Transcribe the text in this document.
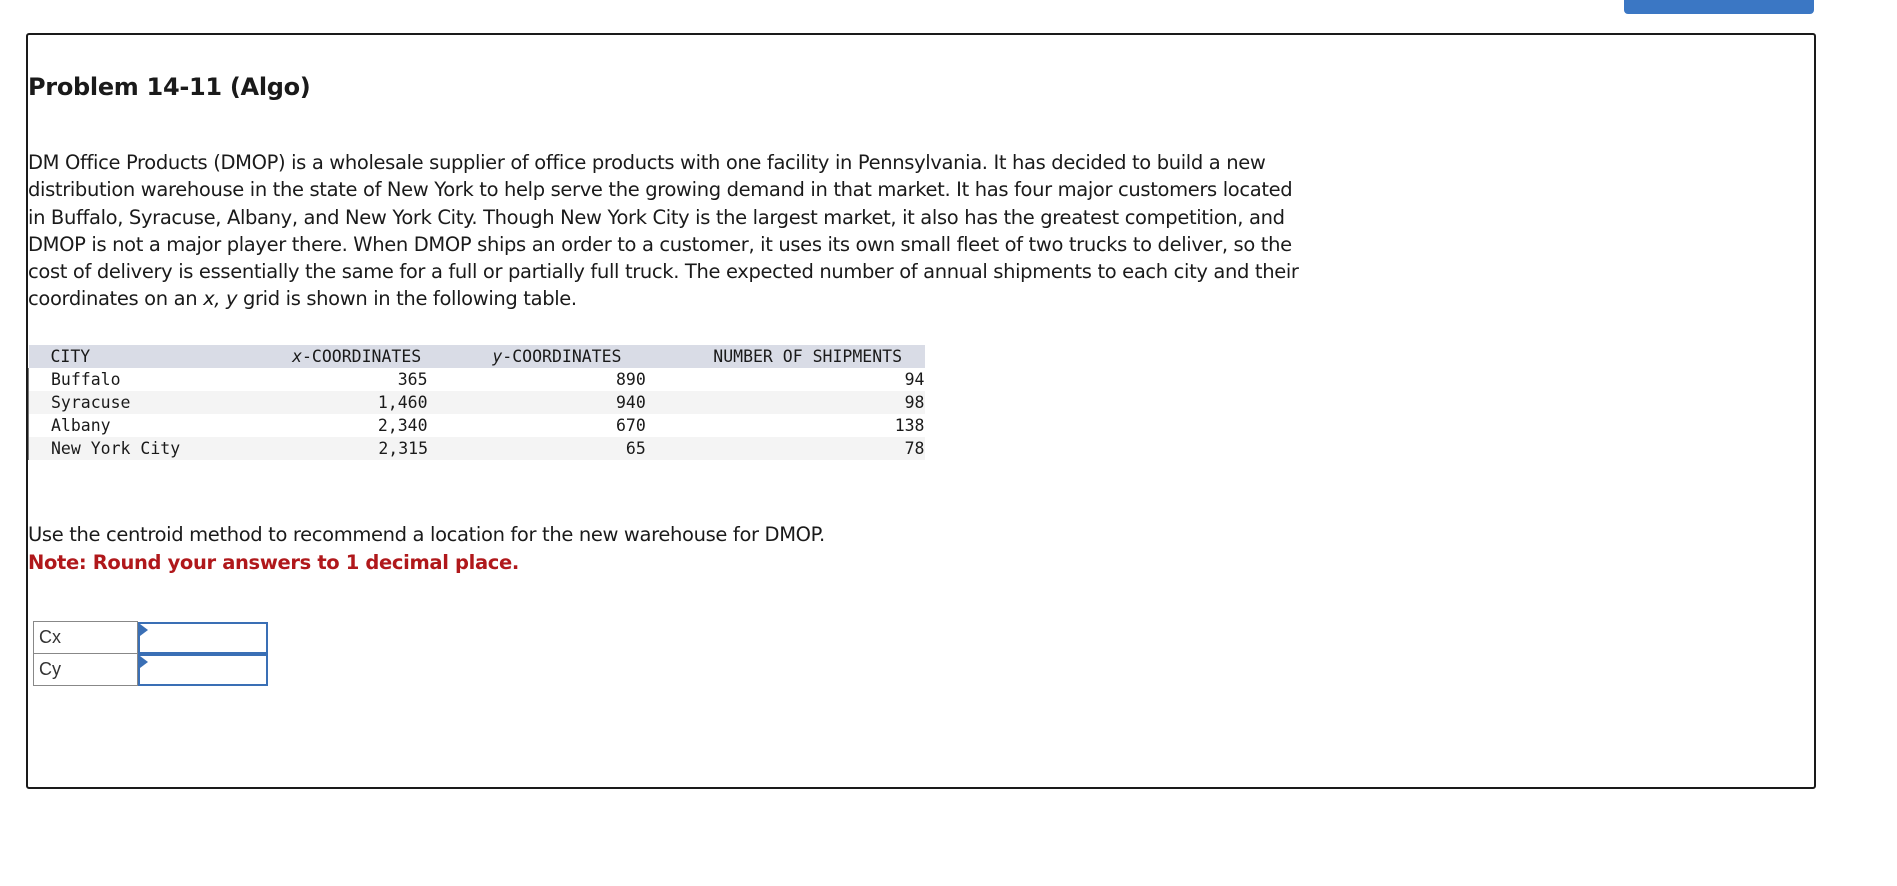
Problem 14-11 (Algo)

DM Office Products (DMOP) is a wholesale supplier of office products with one facility in Pennsylvania. It has decided to build a new
distribution warehouse in the state of New York to help serve the growing demand in that market. It has four major customers located
in Buffalo, Syracuse, Albany, and New York City. Though New York City is the largest market, it also has the greatest competition, and
DMOP is not a major player there. When DMOP ships an order to a customer, it uses its own small fleet of two trucks to deliver, so the
cost of delivery is essentially the same for a full or partially full truck. The expected number of annual shipments to each city and their
coordinates on an x, y grid is shown in the following table.

CITY	x-COORDINATES	y-COORDINATES	NUMBER OF SHIPMENTS
Buffalo	365	890	94
Syracuse	1,460	940	98
Albany	2,340	670	138
New York City	2,315	65	78

Use the centroid method to recommend a location for the new warehouse for DMOP.

Note: Round your answers to 1 decimal place.

Cx	

Cy	
